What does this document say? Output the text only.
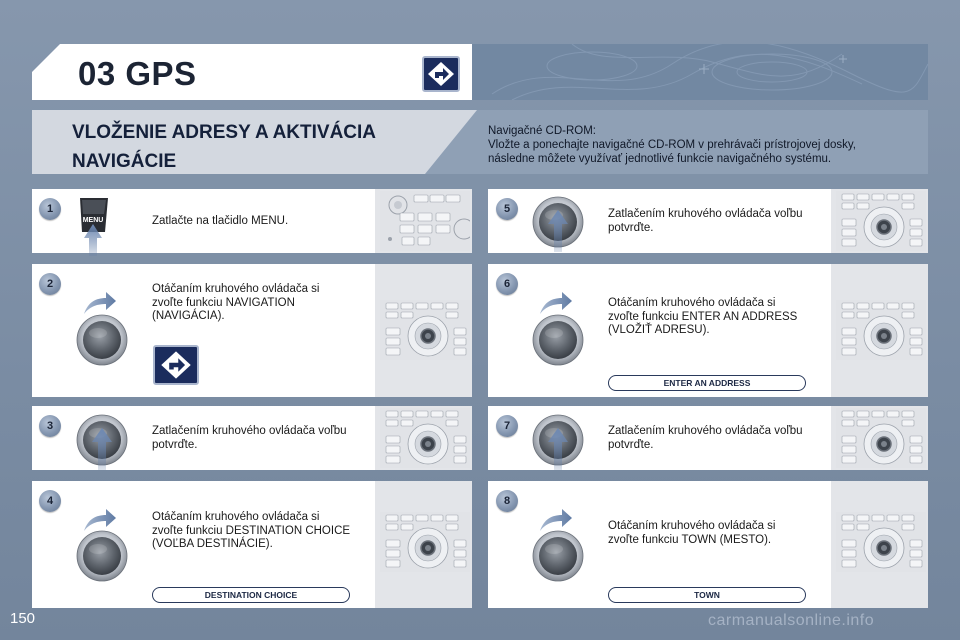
03 GPS
VLOŽENIE ADRESY A AKTIVÁCIA
NAVIGÁCIE
Navigačné CD-ROM:
Vložte a ponechajte navigačné CD-ROM v prehrávači prístrojovej dosky,
následne môžete využívať jednotlivé funkcie navigačného systému.
1
MENU	Zatlačte na tlačidlo MENU.
2	Otáčaním kruhového ovládača si
zvoľte funkciu NAVIGATION
(NAVIGÁCIA).
3	Zatlačením kruhového ovládača voľbu
potvrďte.
4
Otáčaním kruhového ovládača si
zvoľte funkciu DESTINATION CHOICE
(VOĽBA DESTINÁCIE).
DESTINATION CHOICE
5	Zatlačením kruhového ovládača voľbu
potvrďte.
6
Otáčaním kruhového ovládača si
zvoľte funkciu ENTER AN ADDRESS
(VLOŽIŤ ADRESU).
ENTER AN ADDRESS
7	Zatlačením kruhového ovládača voľbu
potvrďte.
8
Otáčaním kruhového ovládača si
zvoľte funkciu TOWN (MESTO).
TOWN
150	carmanualsonline.info
